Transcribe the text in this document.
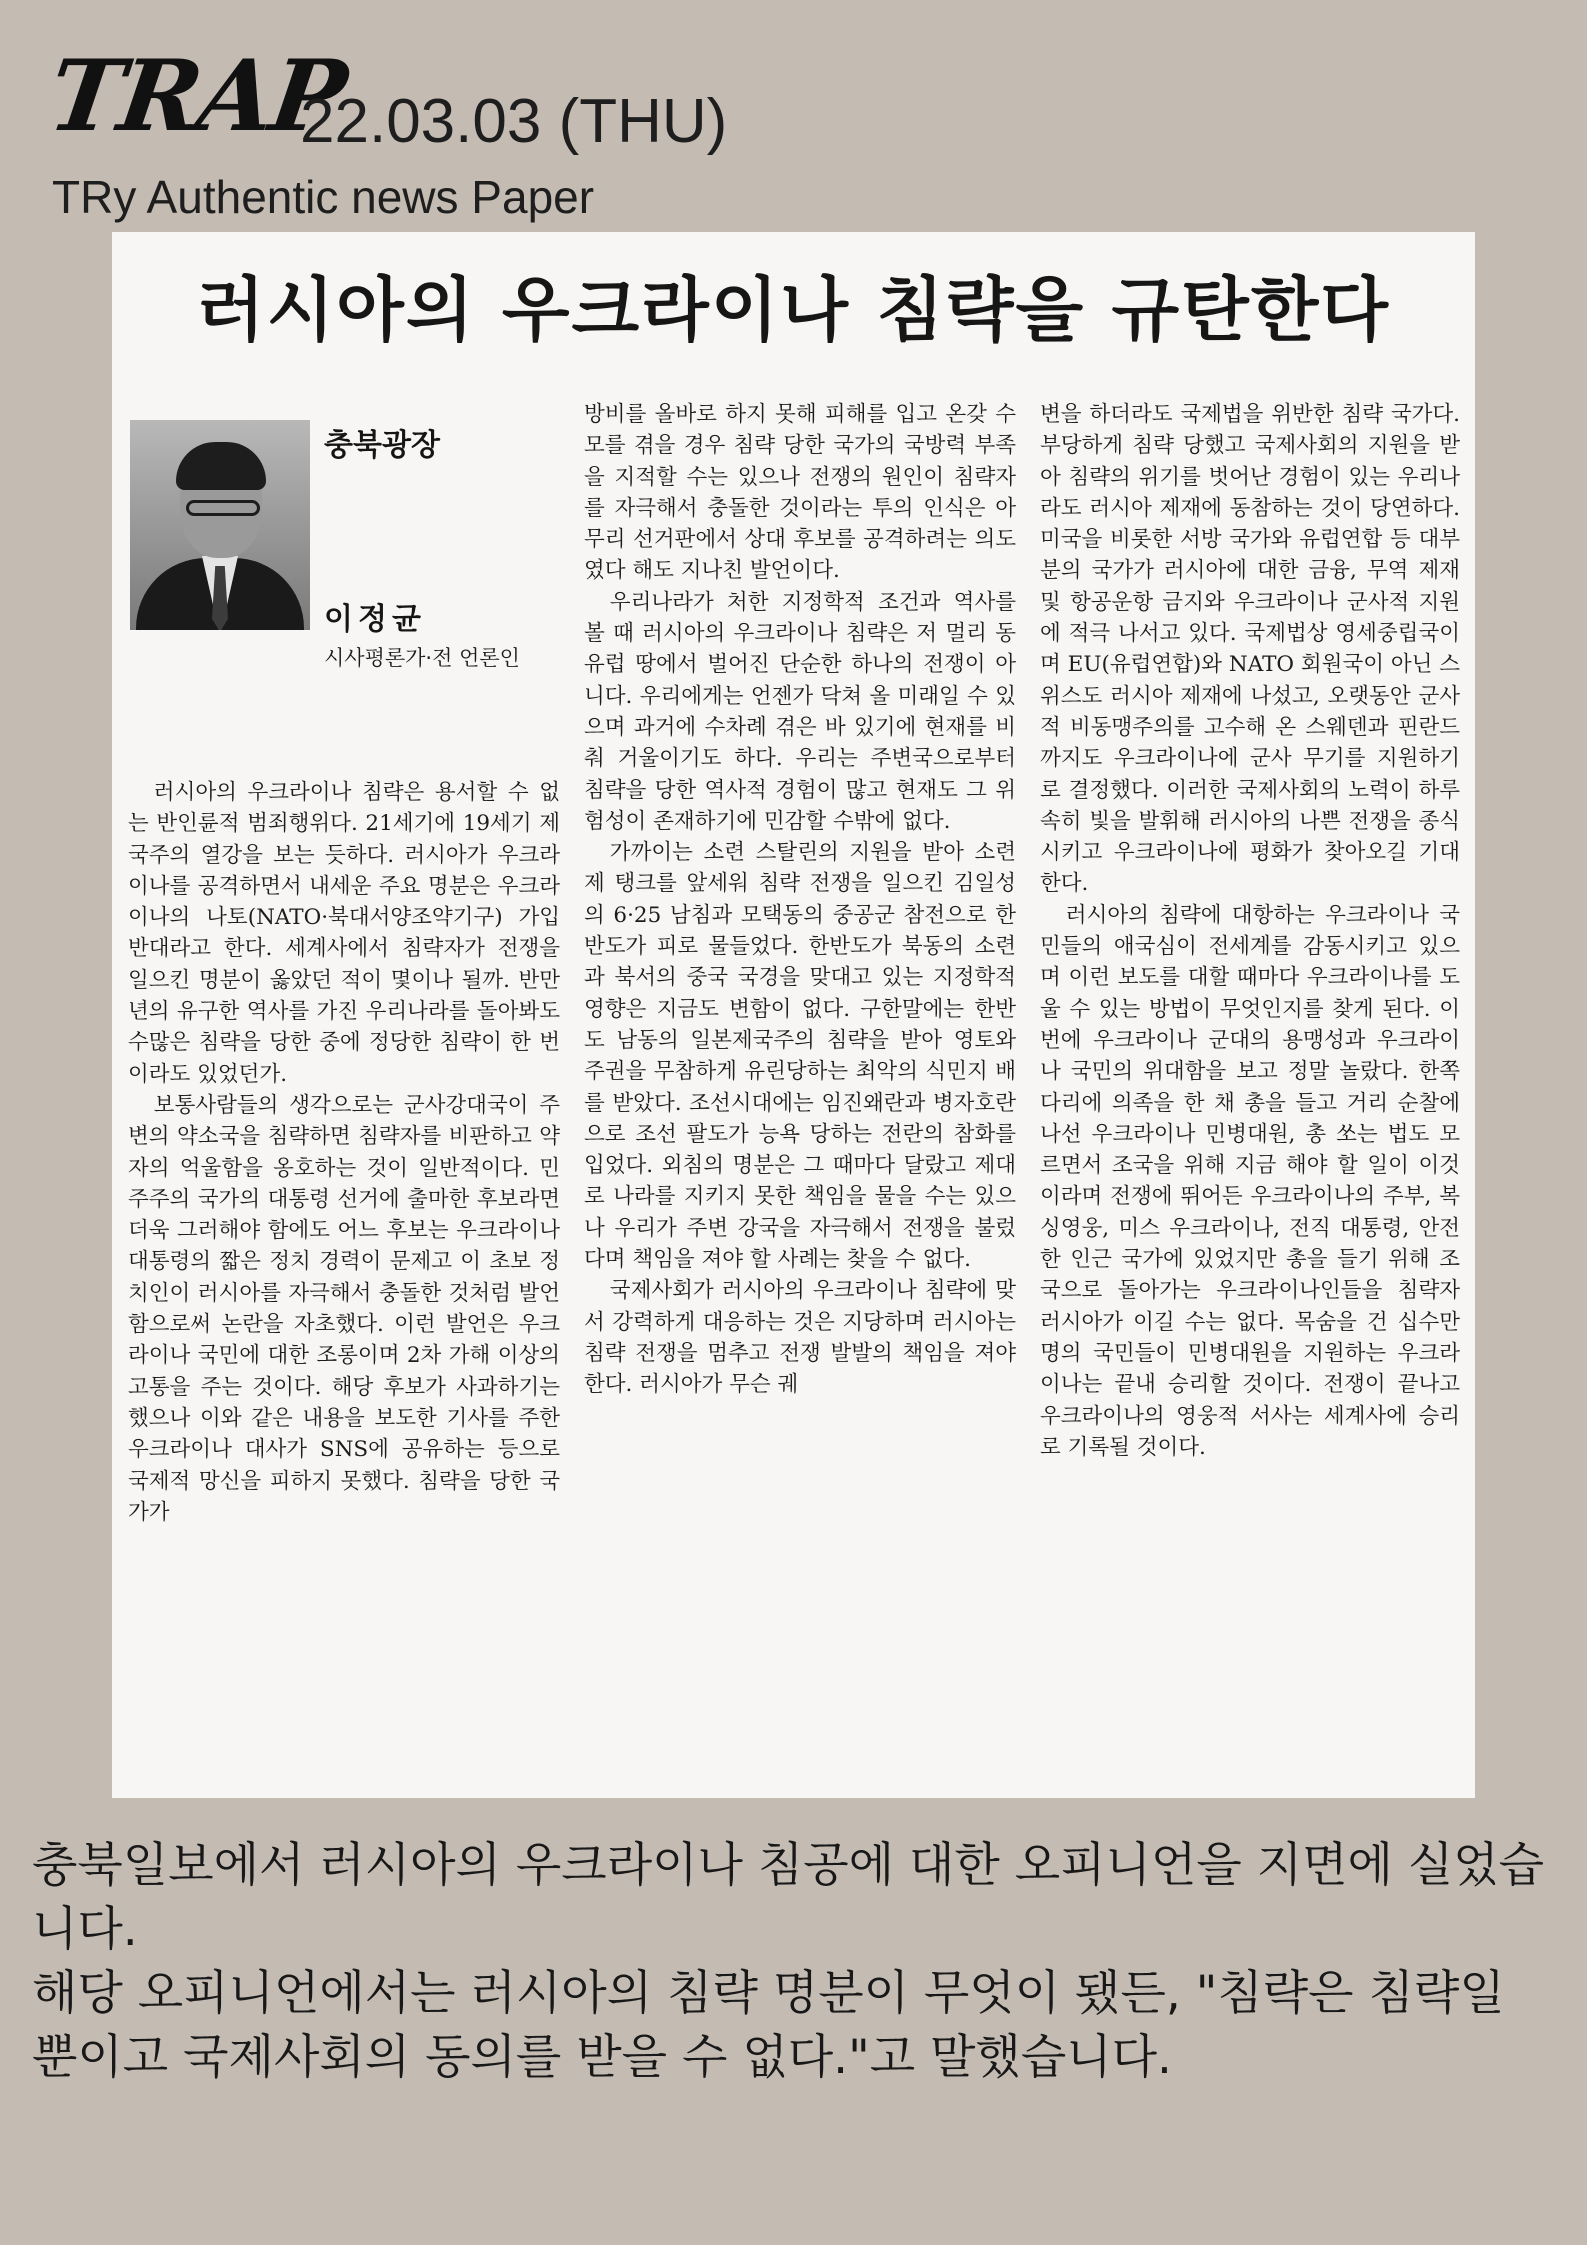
TRAP
22.03.03 (THU)
TRy Authentic news Paper
러시아의 우크라이나 침략을 규탄한다
충북광장
이정균
시사평론가·전 언론인

러시아의 우크라이나 침략은 용서할 수 없는 반인륜적 범죄행위다. 21세기에 19세기 제국주의 열강을 보는 듯하다. 러시아가 우크라이나를 공격하면서 내세운 주요 명분은 우크라이나의 나토(NATO·북대서양조약기구) 가입 반대라고 한다. 세계사에서 침략자가 전쟁을 일으킨 명분이 옳았던 적이 몇이나 될까. 반만년의 유구한 역사를 가진 우리나라를 돌아봐도 수많은 침략을 당한 중에 정당한 침략이 한 번이라도 있었던가.

보통사람들의 생각으로는 군사강대국이 주변의 약소국을 침략하면 침략자를 비판하고 약자의 억울함을 옹호하는 것이 일반적이다. 민주주의 국가의 대통령 선거에 출마한 후보라면 더욱 그러해야 함에도 어느 후보는 우크라이나 대통령의 짧은 정치 경력이 문제고 이 초보 정치인이 러시아를 자극해서 충돌한 것처럼 발언함으로써 논란을 자초했다. 이런 발언은 우크라이나 국민에 대한 조롱이며 2차 가해 이상의 고통을 주는 것이다. 해당 후보가 사과하기는 했으나 이와 같은 내용을 보도한 기사를 주한 우크라이나 대사가 SNS에 공유하는 등으로 국제적 망신을 피하지 못했다. 침략을 당한 국가가

방비를 올바로 하지 못해 피해를 입고 온갖 수모를 겪을 경우 침략 당한 국가의 국방력 부족을 지적할 수는 있으나 전쟁의 원인이 침략자를 자극해서 충돌한 것이라는 투의 인식은 아무리 선거판에서 상대 후보를 공격하려는 의도였다 해도 지나친 발언이다.

우리나라가 처한 지정학적 조건과 역사를 볼 때 러시아의 우크라이나 침략은 저 멀리 동유럽 땅에서 벌어진 단순한 하나의 전쟁이 아니다. 우리에게는 언젠가 닥쳐 올 미래일 수 있으며 과거에 수차례 겪은 바 있기에 현재를 비춰 거울이기도 하다. 우리는 주변국으로부터 침략을 당한 역사적 경험이 많고 현재도 그 위험성이 존재하기에 민감할 수밖에 없다.

가까이는 소련 스탈린의 지원을 받아 소련제 탱크를 앞세워 침략 전쟁을 일으킨 김일성의 6·25 남침과 모택동의 중공군 참전으로 한반도가 피로 물들었다. 한반도가 북동의 소련과 북서의 중국 국경을 맞대고 있는 지정학적 영향은 지금도 변함이 없다. 구한말에는 한반도 남동의 일본제국주의 침략을 받아 영토와 주권을 무참하게 유린당하는 최악의 식민지 배를 받았다. 조선시대에는 임진왜란과 병자호란으로 조선 팔도가 능욕 당하는 전란의 참화를 입었다. 외침의 명분은 그 때마다 달랐고 제대로 나라를 지키지 못한 책임을 물을 수는 있으나 우리가 주변 강국을 자극해서 전쟁을 불렀다며 책임을 져야 할 사례는 찾을 수 없다.

국제사회가 러시아의 우크라이나 침략에 맞서 강력하게 대응하는 것은 지당하며 러시아는 침략 전쟁을 멈추고 전쟁 발발의 책임을 져야 한다. 러시아가 무슨 궤

변을 하더라도 국제법을 위반한 침략 국가다. 부당하게 침략 당했고 국제사회의 지원을 받아 침략의 위기를 벗어난 경험이 있는 우리나라도 러시아 제재에 동참하는 것이 당연하다. 미국을 비롯한 서방 국가와 유럽연합 등 대부분의 국가가 러시아에 대한 금융, 무역 제재 및 항공운항 금지와 우크라이나 군사적 지원에 적극 나서고 있다. 국제법상 영세중립국이며 EU(유럽연합)와 NATO 회원국이 아닌 스위스도 러시아 제재에 나섰고, 오랫동안 군사적 비동맹주의를 고수해 온 스웨덴과 핀란드까지도 우크라이나에 군사 무기를 지원하기로 결정했다. 이러한 국제사회의 노력이 하루속히 빛을 발휘해 러시아의 나쁜 전쟁을 종식시키고 우크라이나에 평화가 찾아오길 기대한다.

러시아의 침략에 대항하는 우크라이나 국민들의 애국심이 전세계를 감동시키고 있으며 이런 보도를 대할 때마다 우크라이나를 도울 수 있는 방법이 무엇인지를 찾게 된다. 이번에 우크라이나 군대의 용맹성과 우크라이나 국민의 위대함을 보고 정말 놀랐다. 한쪽 다리에 의족을 한 채 총을 들고 거리 순찰에 나선 우크라이나 민병대원, 총 쏘는 법도 모르면서 조국을 위해 지금 해야 할 일이 이것이라며 전쟁에 뛰어든 우크라이나의 주부, 복싱영웅, 미스 우크라이나, 전직 대통령, 안전한 인근 국가에 있었지만 총을 들기 위해 조국으로 돌아가는 우크라이나인들을 침략자 러시아가 이길 수는 없다. 목숨을 건 십수만명의 국민들이 민병대원을 지원하는 우크라이나는 끝내 승리할 것이다. 전쟁이 끝나고 우크라이나의 영웅적 서사는 세계사에 승리로 기록될 것이다.

충북일보에서 러시아의 우크라이나 침공에 대한 오피니언을 지면에 실었습니다.

해당 오피니언에서는 러시아의 침략 명분이 무엇이 됐든, "침략은 침략일 뿐이고 국제사회의 동의를 받을 수 없다."고 말했습니다.
